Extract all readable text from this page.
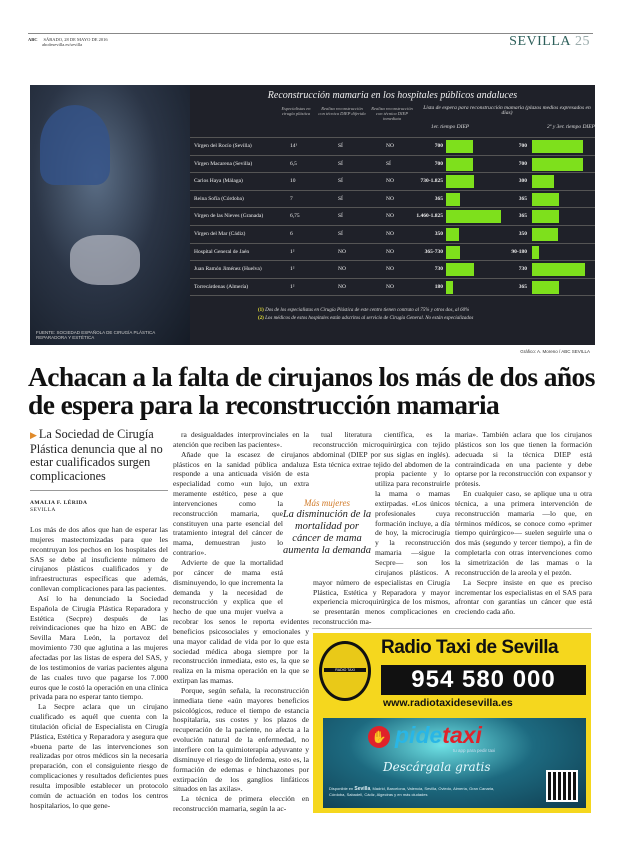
ABC SÁBADO, 28 DE MAYO DE 2016
abcdesevilla.es/sevilla	SEVILLA 25
FUENTE: SOCIEDAD ESPAÑOLA DE CIRUGÍA PLÁSTICA REPARADORA Y ESTÉTICA
Reconstrucción mamaria en los hospitales públicos andaluces
Especialistas en cirugía plástica
Realiza reconstrucción con técnica DIEP diferida
Realiza reconstrucción con técnica DIEP inmediata
Lista de espera para reconstrucción mamaria (plazos medios expresados en días)
1er. tiempo DIEP	2º y 3er. tiempo DIEP
Virgen del Rocío (Sevilla)	14¹	SÍ	NO	700	700
Virgen Macarena (Sevilla)	6,5	SÍ	SÍ	700	700
Carlos Haya (Málaga)	10	SÍ	NO	730-1.825	300
Reina Sofía (Córdoba)	7	SÍ	NO	365	365
Virgen de las Nieves (Granada)	6,75	SÍ	NO	1.460-1.825	365
Virgen del Mar (Cádiz)	6	SÍ	NO	350	350
Hospital General de Jaén	1²	NO	NO	365-730	90-180
Juan Ramón Jiménez (Huelva)	1²	NO	NO	730	730
Torrecárdenas (Almería)	1²	NO	NO	180	365
(1) Dos de los especialistas en Cirugía Plástica de este centro tienen contrato al 75% y otros dos, al 60%
(2) Los médicos de estos hospitales están adscritos al servicio de Cirugía General. No están especializados
Gráfico: A. Moreno / ABC SEVILLA
Achacan a la falta de cirujanos los más de dos años de espera para la reconstrucción mamaria
▶ La Sociedad de Cirugía Plástica denuncia que al no estar cualificados surgen complicaciones
AMALIA F. LÉRIDA
SEVILLA

Los más de dos años que han de esperar las mujeres mastectomizadas para que les recontruyan los pechos en los hospitales del SAS se debe al insuficiente número de cirujanos plásticos cualificados y de infraestructuras específicas que además, conllevan complicaciones para las pacientes.

Así lo ha denunciado la Sociedad Española de Cirugía Plástica Reparadora y Estética (Secpre) después de las reivindicaciones que ha hizo en ABC de Sevilla Mara León, la portavoz del movimiento 730 que aglutina a las mujeres afectadas por las listas de espera del SAS, y de los testimonios de varias pacientes alguna de las cuales tuvo que pagarse los 7.000 euros que le costó la operación en una clínica privada para no esperar tanto tiempo.

La Secpre aclara que un cirujano cualificado es aquél que cuenta con la titulación oficial de Especialista en Cirugía Plástica, Estética y Reparadora y asegura que «buena parte de las intervenciones son realizadas por otros médicos sin la necesaria preparación, con el consiguiente riesgo de complicaciones y resultados deficientes pues resulta imposible establecer un protocolo común de actuación en todos los centros hospitalarios, lo que gene-

ra desigualdades interprovinciales en la atención que reciben las pacientes».

Añade que la escasez de cirujanos plásticos en la sanidad pública andaluza responde a una anticuada visión de esta especialidad como «un lujo, un extra meramente estético, pese a que intervenciones como la reconstrucción mamaria, que constituyen una parte esencial del tratamiento integral del cáncer de mama, demuestran justo lo contrario».

Advierte de que la mortalidad por cáncer de mama está disminuyendo, lo que incrementa la demanda y la necesidad de reconstrucción y explica que el hecho de que una mujer vuelva a recobrar los senos le reporta evidentes beneficios psicosociales y emocionales y una mayor calidad de vida por lo que esta sociedad médica aboga siempre por la reconstrucción inmediata, esto es, la que se realiza en la misma operación en la que se extirpan las mamas.

Porque, según señala, la reconstrucción inmediata tiene «aún mayores beneficios psicológicos, reduce el tiempo de estancia hospitalaria, sus costes y los plazos de recuperación de la paciente, no afecta a la evolución natural de la enfermedad, no interfiere con la quimioterapia adyuvante y disminuye el riesgo de linfedema, esto es, la formación de edemas e hinchazones por extirpación de los ganglios linfáticos situados en las axilas».

La técnica de primera elección en reconstrucción mamaria, según la ac-

tual literatura científica, es la reconstrucción microquirúrgica con tejido abdominal (DIEP por sus siglas en inglés). Esta técnica extrae tejido del abdomen de la propia paciente y lo utiliza para reconstruirle la mama o mamas extirpadas. «Los únicos profesionales cuya formación incluye, a día de hoy, la microcirugía y la reconstrucción mamaria —sigue la Secpre— son los cirujanos plásticos. A mayor número de especialistas en Cirugía Plástica, Estética y Reparadora y mayor experiencia microquirúrgica de los mismos, se presentarán menos complicaciones en reconstrucción ma-

maria». También aclara que los cirujanos plásticos son los que tienen la formación adecuada si la técnica DIEP está contraindicada en una paciente y debe optarse por la reconstrucción con expansor y prótesis.

En cualquier caso, se aplique una u otra técnica, a una primera intervención de reconstrucción mamaria —lo que, en términos médicos, se conoce como «primer tiempo quirúrgico»— suelen seguirle una o dos más (segundo y tercer tiempo), a fin de completarla con otras intervenciones como la simetrización de las mamas o la reconstrucción de la areola y el pezón.

La Secpre insiste en que es preciso incrementar los especialistas en el SAS para afrontar con garantías un cáncer que está creciendo cada año.

Más mujeres
La disminución de la mortalidad por cáncer de mama aumenta la demanda
RADIO TAXI
Radio Taxi de Sevilla
954 580 000
www.radiotaxidesevilla.es
✋ pidetaxi
tu app para pedir taxi
Descárgala gratis
Disponible en Sevilla, Madrid, Barcelona, Valencia, Sevilla, Oviedo, Almería, Gran Canaria, Córdoba, Sabadell, Cádiz, Algeciras y en más ciudades
